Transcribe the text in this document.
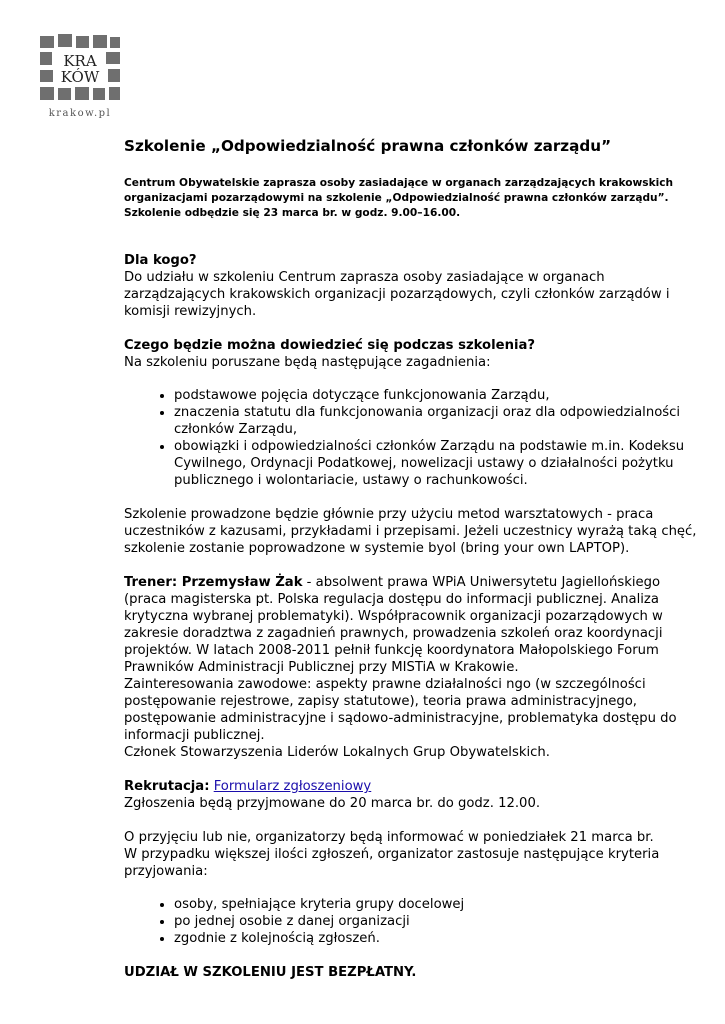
KRA
KÓW
krakow.pl
Szkolenie „Odpowiedzialność prawna członków zarządu”

Centrum Obywatelskie zaprasza osoby zasiadające w organach zarządzających krakowskich organizacjami pozarządowymi na szkolenie „Odpowiedzialność prawna członków zarządu”. Szkolenie odbędzie się 23 marca br. w godz. 9.00–16.00.

Dla kogo?

Do udziału w szkoleniu Centrum zaprasza osoby zasiadające w organach zarządzających krakowskich organizacji pozarządowych, czyli członków zarządów i komisji rewizyjnych.

Czego będzie można dowiedzieć się podczas szkolenia?

Na szkoleniu poruszane będą następujące zagadnienia:

• podstawowe pojęcia dotyczące funkcjonowania Zarządu,
• znaczenia statutu dla funkcjonowania organizacji oraz dla odpowiedzialności członków Zarządu,
• obowiązki i odpowiedzialności członków Zarządu na podstawie m.in. Kodeksu Cywilnego, Ordynacji Podatkowej, nowelizacji ustawy o działalności pożytku publicznego i wolontariacie, ustawy o rachunkowości.

Szkolenie prowadzone będzie głównie przy użyciu metod warsztatowych - praca uczestników z kazusami, przykładami i przepisami. Jeżeli uczestnicy wyrażą taką chęć, szkolenie zostanie poprowadzone w systemie byol (bring your own LAPTOP).

Trener: Przemysław Żak - absolwent prawa WPiA Uniwersytetu Jagiellońskiego (praca magisterska pt. Polska regulacja dostępu do informacji publicznej. Analiza krytyczna wybranej problematyki). Współpracownik organizacji pozarządowych w zakresie doradztwa z zagadnień prawnych, prowadzenia szkoleń oraz koordynacji projektów. W latach 2008-2011 pełnił funkcję koordynatora Małopolskiego Forum Prawników Administracji Publicznej przy MISTiA w Krakowie.

Zainteresowania zawodowe: aspekty prawne działalności ngo (w szczególności postępowanie rejestrowe, zapisy statutowe), teoria prawa administracyjnego, postępowanie administracyjne i sądowo-administracyjne, problematyka dostępu do informacji publicznej.

Członek Stowarzyszenia Liderów Lokalnych Grup Obywatelskich.

Rekrutacja: Formularz zgłoszeniowy

Zgłoszenia będą przyjmowane do 20 marca br. do godz. 12.00.

O przyjęciu lub nie, organizatorzy będą informować w poniedziałek 21 marca br.

W przypadku większej ilości zgłoszeń, organizator zastosuje następujące kryteria przyjowania:

• osoby, spełniające kryteria grupy docelowej
• po jednej osobie z danej organizacji
• zgodnie z kolejnością zgłoszeń.
UDZIAŁ W SZKOLENIU JEST BEZPŁATNY.
